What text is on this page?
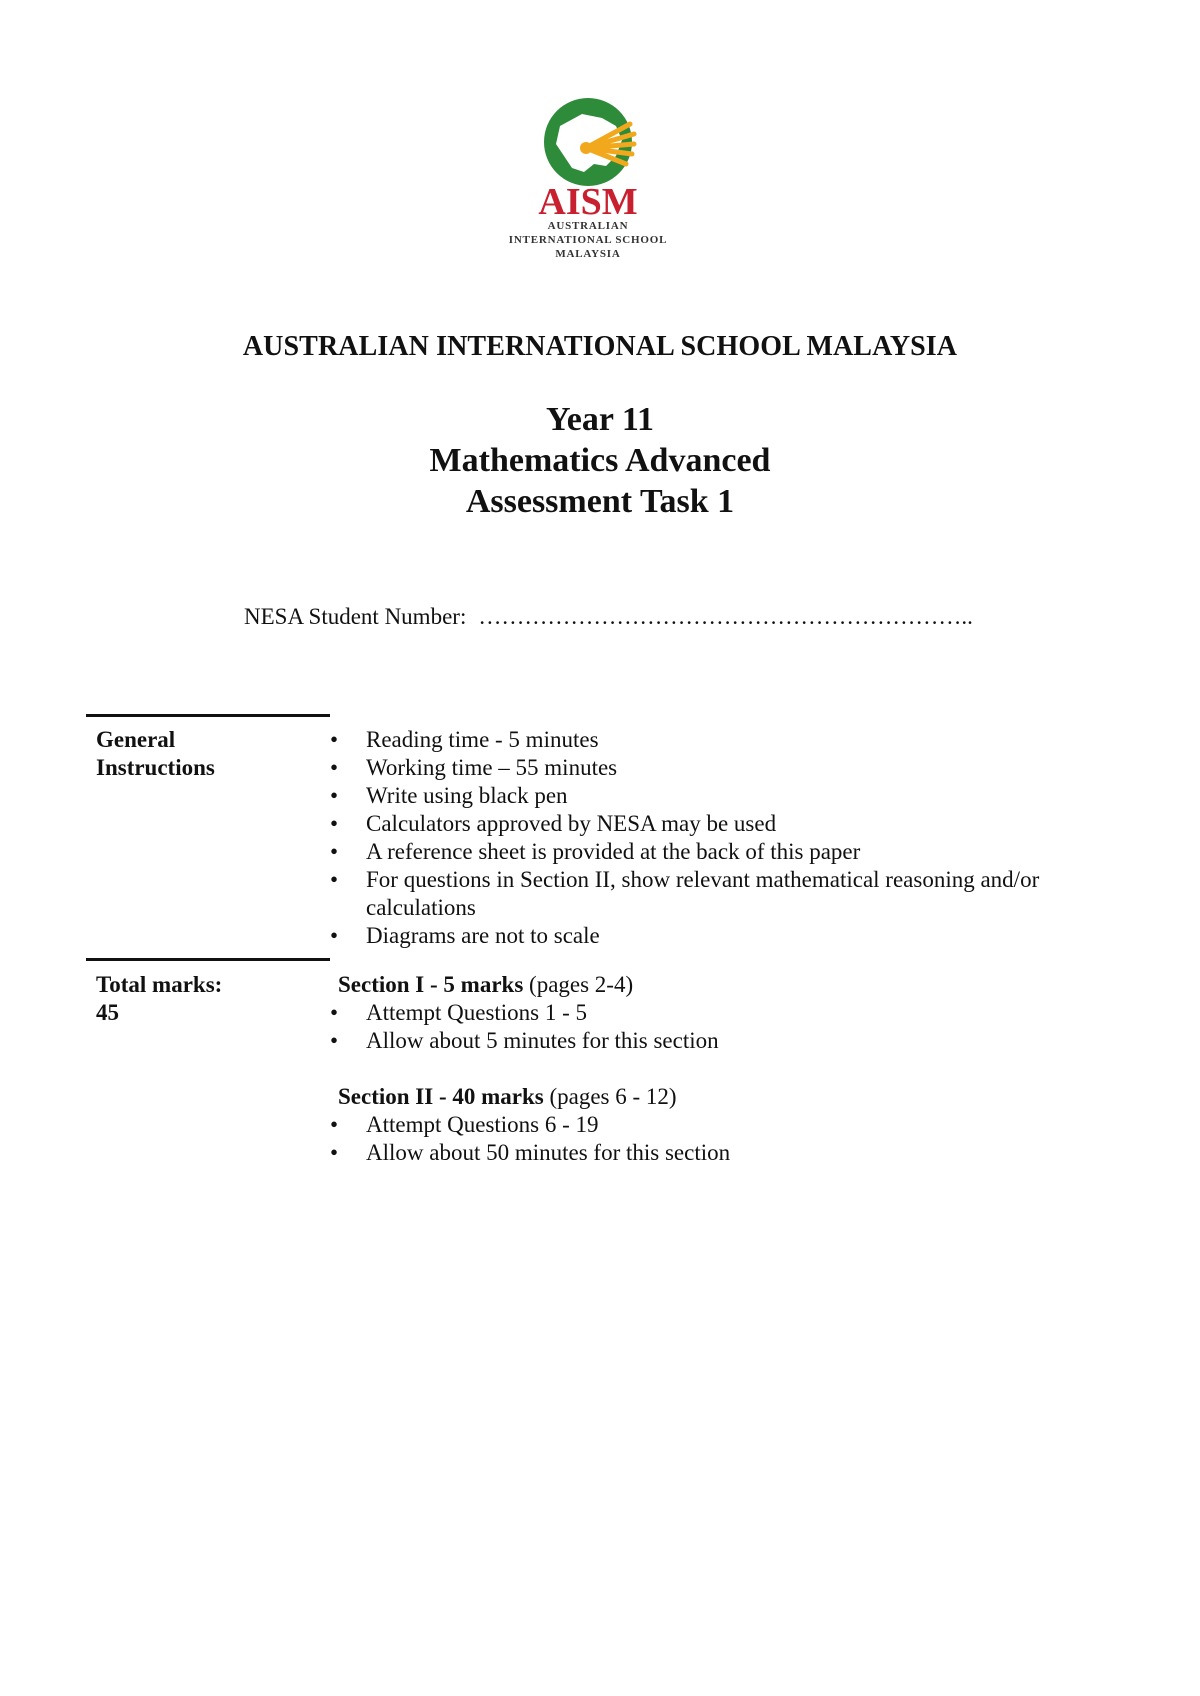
AISM
AUSTRALIAN
INTERNATIONAL SCHOOL
MALAYSIA
AUSTRALIAN INTERNATIONAL SCHOOL MALAYSIA
Year 11
Mathematics Advanced
Assessment Task 1
NESA Student Number: ………………………………………………………..
General
Instructions
• Reading time - 5 minutes
• Working time – 55 minutes
• Write using black pen
• Calculators approved by NESA may be used
• A reference sheet is provided at the back of this paper
• For questions in Section II, show relevant mathematical reasoning and/or calculations
• Diagrams are not to scale
Total marks:
45
Section I - 5 marks (pages 2-4)
• Attempt Questions 1 - 5
• Allow about 5 minutes for this section
Section II - 40 marks (pages 6 - 12)
• Attempt Questions 6 - 19
• Allow about 50 minutes for this section
